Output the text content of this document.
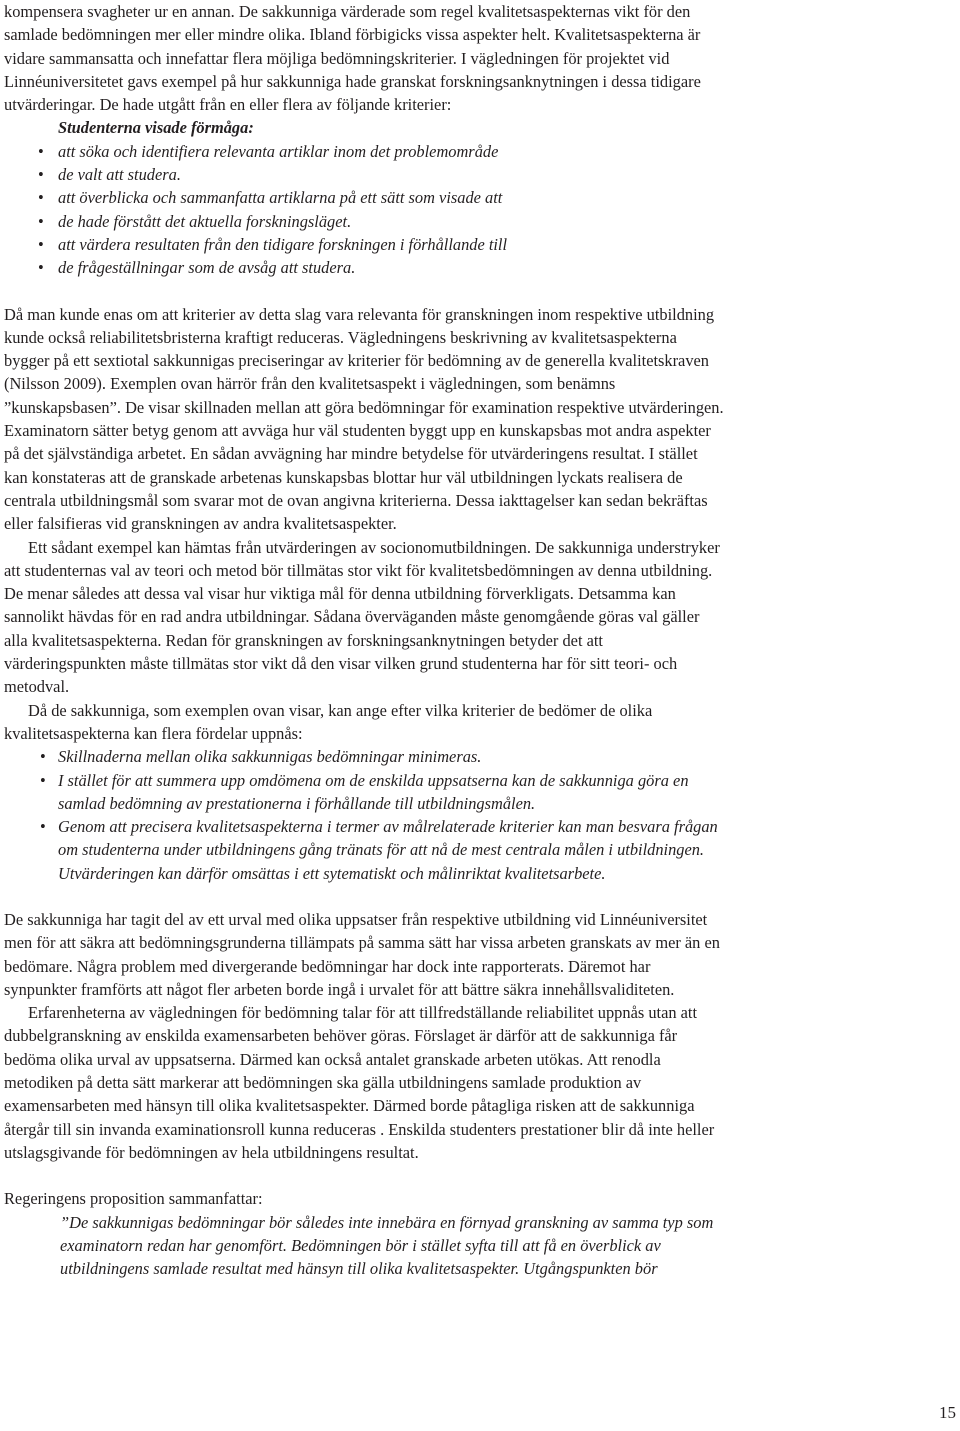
kompensera svagheter ur en annan. De sakkunniga värderade som regel kvalitetsaspekternas vikt för den samlade bedömningen mer eller mindre olika. Ibland förbigicks vissa aspekter helt. Kvalitetsaspekterna är vidare sammansatta och innefattar flera möjliga bedömningskriterier. I vägledningen för projektet vid Linnéuniversitetet gavs exempel på hur sakkunniga hade granskat forskningsanknytningen i dessa tidigare utvärderingar. De hade utgått från en eller flera av följande kriterier:

Studenterna visade förmåga:

• att söka och identifiera relevanta artiklar inom det problemområde
• de valt att studera.
• att överblicka och sammanfatta artiklarna på ett sätt som visade att
• de hade förstått det aktuella forskningsläget.
• att värdera resultaten från den tidigare forskningen i förhållande till
• de frågeställningar som de avsåg att studera.

Då man kunde enas om att kriterier av detta slag vara relevanta för granskningen inom respektive utbildning kunde också reliabilitetsbristerna kraftigt reduceras. Vägledningens beskrivning av kvalitetsaspekterna bygger på ett sextiotal sakkunnigas preciseringar av kriterier för bedömning av de generella kvalitetskraven (Nilsson 2009). Exemplen ovan härrör från den kvalitetsaspekt i vägledningen, som benämns ”kunskapsbasen”. De visar skillnaden mellan att göra bedömningar för examination respektive utvärderingen. Examinatorn sätter betyg genom att avväga hur väl studenten byggt upp en kunskapsbas mot andra aspekter på det självständiga arbetet. En sådan avvägning har mindre betydelse för utvärderingens resultat. I stället kan konstateras att de granskade arbetenas kunskapsbas blottar hur väl utbildningen lyckats realisera de centrala utbildningsmål som svarar mot de ovan angivna kriterierna. Dessa iakttagelser kan sedan bekräftas eller falsifieras vid granskningen av andra kvalitetsaspekter.

Ett sådant exempel kan hämtas från utvärderingen av socionomutbildningen. De sakkunniga understryker att studenternas val av teori och metod bör tillmätas stor vikt för kvalitetsbedömningen av denna utbildning. De menar således att dessa val visar hur viktiga mål för denna utbildning förverkligats. Detsamma kan sannolikt hävdas för en rad andra utbildningar. Sådana överväganden måste genomgående göras val gäller alla kvalitetsaspekterna. Redan för granskningen av forskningsanknytningen betyder det att värderingspunkten måste tillmätas stor vikt då den visar vilken grund studenterna har för sitt teori- och metodval.

Då de sakkunniga, som exemplen ovan visar, kan ange efter vilka kriterier de bedömer de olika kvalitetsaspekterna kan flera fördelar uppnås:

• Skillnaderna mellan olika sakkunnigas bedömningar minimeras.
• I stället för att summera upp omdömena om de enskilda uppsatserna kan de sakkunniga göra en samlad bedömning av prestationerna i förhållande till utbildningsmålen.
• Genom att precisera kvalitetsaspekterna i termer av målrelaterade kriterier kan man besvara frågan om studenterna under utbildningens gång tränats för att nå de mest centrala målen i utbildningen. Utvärderingen kan därför omsättas i ett sytematiskt och målinriktat kvalitetsarbete.

De sakkunniga har tagit del av ett urval med olika uppsatser från respektive utbildning vid Linnéuniversitet men för att säkra att bedömningsgrunderna tillämpats på samma sätt har vissa arbeten granskats av mer än en bedömare. Några problem med divergerande bedömningar har dock inte rapporterats. Däremot har synpunkter framförts att något fler arbeten borde ingå i urvalet för att bättre säkra innehållsvaliditeten.

Erfarenheterna av vägledningen för bedömning talar för att tillfredställande reliabilitet uppnås utan att dubbelgranskning av enskilda examensarbeten behöver göras. Förslaget är därför att de sakkunniga får bedöma olika urval av uppsatserna. Därmed kan också antalet granskade arbeten utökas. Att renodla metodiken på detta sätt markerar att bedömningen ska gälla utbildningens samlade produktion av examensarbeten med hänsyn till olika kvalitetsaspekter. Därmed borde påtagliga risken att de sakkunniga återgår till sin invanda examinationsroll kunna reduceras . Enskilda studenters prestationer blir då inte heller utslagsgivande för bedömningen av hela utbildningens resultat.

Regeringens proposition sammanfattar:

”De sakkunnigas bedömningar bör således inte innebära en förnyad granskning av samma typ som examinatorn redan har genomfört. Bedömningen bör i stället syfta till att få en överblick av utbildningens samlade resultat med hänsyn till olika kvalitetsaspekter. Utgångspunkten bör

15
